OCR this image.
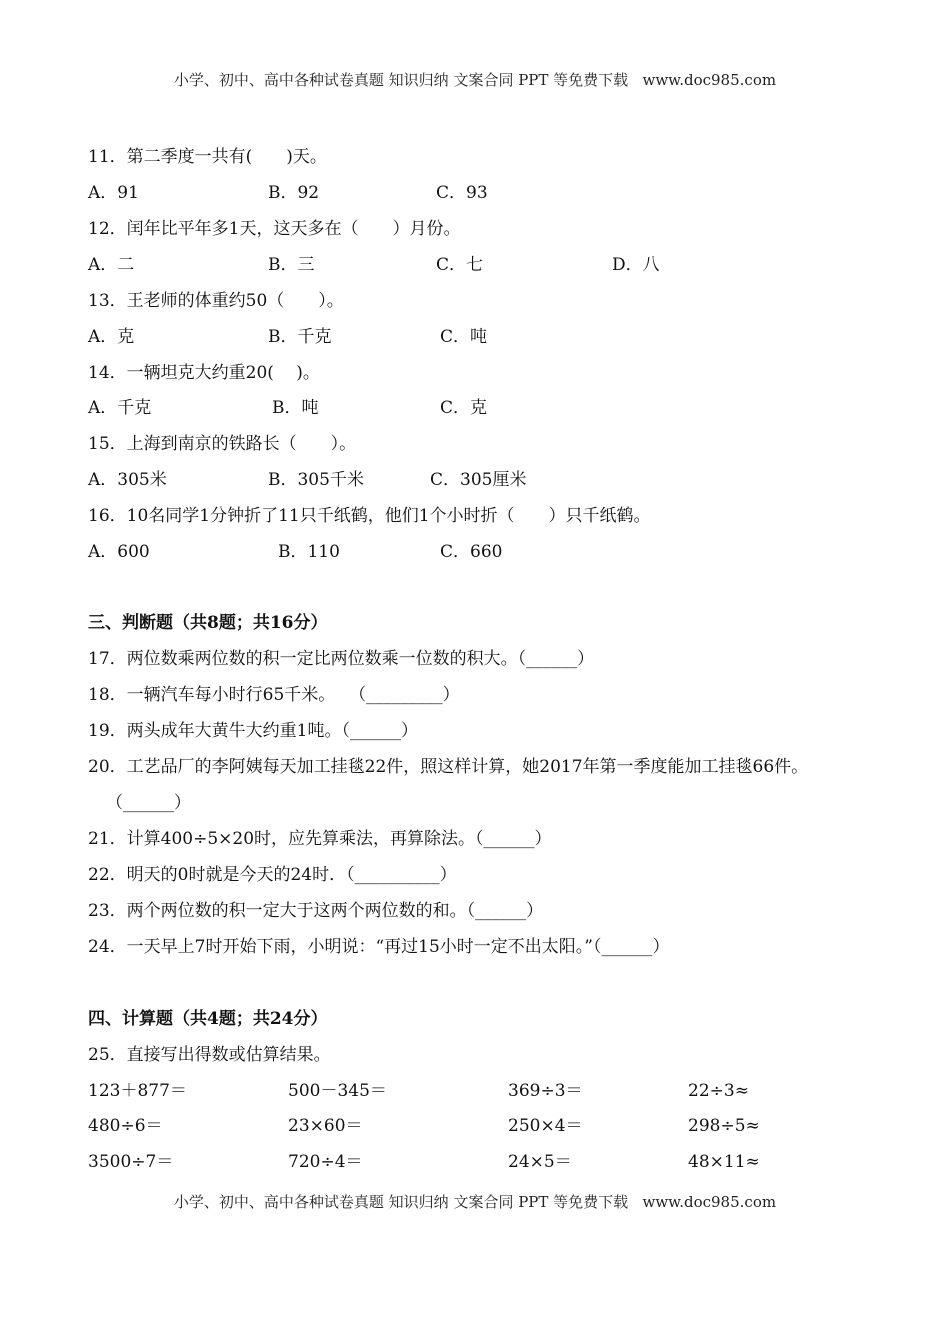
小学、初中、高中各种试卷真题 知识归纳 文案合同 PPT 等免费下载   www.doc985.com
11．第二季度一共有(　　)天。
A．91	B．92	C．93
12．闰年比平年多1天，这天多在（　　）月份。
A．二	B．三	C．七	D．八
13．王老师的体重约50（　　）。
A．克	B．千克	C．吨
14．一辆坦克大约重20(　 )。
A．千克	B．吨	C．克
15．上海到南京的铁路长（　　）。
A．305米	B．305千米	C．305厘米
16．10名同学1分钟折了11只千纸鹤，他们1个小时折（　　）只千纸鹤。
A．600	B．110	C．660
三、判断题（共8题；共16分）
17．两位数乘两位数的积一定比两位数乘一位数的积大。（______）
18．一辆汽车每小时行65千米。　 （_________）
19．两头成年大黄牛大约重1吨。（______）
20．工艺品厂的李阿姨每天加工挂毯22件，照这样计算，她2017年第一季度能加工挂毯66件。
（______）
21．计算400÷5×20时，应先算乘法，再算除法。（______）
22．明天的0时就是今天的24时．（__________）
23．两个两位数的积一定大于这两个两位数的和。（______）
24．一天早上7时开始下雨，小明说：“再过15小时一定不出太阳。”（______）
四、计算题（共4题；共24分）
25．直接写出得数或估算结果。
123＋877＝	500－345＝	369÷3＝	22÷3≈
480÷6＝	23×60＝	250×4＝	298÷5≈
3500÷7＝	720÷4＝	24×5＝	48×11≈
小学、初中、高中各种试卷真题 知识归纳 文案合同 PPT 等免费下载   www.doc985.com
